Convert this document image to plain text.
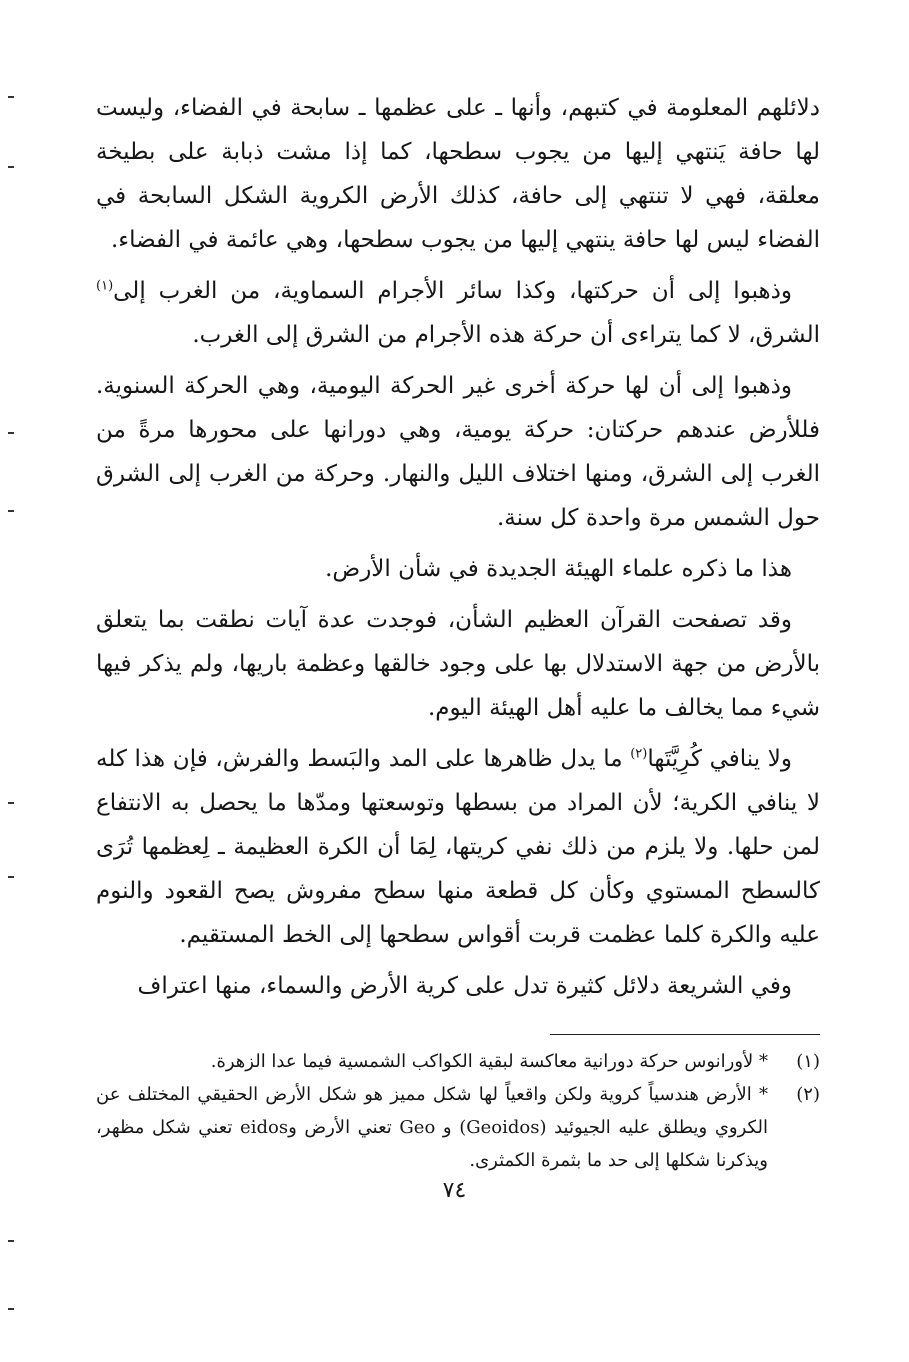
دلائلهم المعلومة في كتبهم، وأنها ـ على عظمها ـ سابحة في الفضاء، وليست لها حافة يَنتهي إليها من يجوب سطحها، كما إذا مشت ذبابة على بطيخة معلقة، فهي لا تنتهي إلى حافة، كذلك الأرض الكروية الشكل السابحة في الفضاء ليس لها حافة ينتهي إليها من يجوب سطحها، وهي عائمة في الفضاء.

وذهبوا إلى أن حركتها، وكذا سائر الأجرام السماوية، من الغرب إلى$^{(١)}$ الشرق، لا كما يتراءى أن حركة هذه الأجرام من الشرق إلى الغرب.

وذهبوا إلى أن لها حركة أخرى غير الحركة اليومية، وهي الحركة السنوية. فللأرض عندهم حركتان: حركة يومية، وهي دورانها على محورها مرةً من الغرب إلى الشرق، ومنها اختلاف الليل والنهار. وحركة من الغرب إلى الشرق حول الشمس مرة واحدة كل سنة.

هذا ما ذكره علماء الهيئة الجديدة في شأن الأرض.

وقد تصفحت القرآن العظيم الشأن، فوجدت عدة آيات نطقت بما يتعلق بالأرض من جهة الاستدلال بها على وجود خالقها وعظمة باريها، ولم يذكر فيها شيء مما يخالف ما عليه أهل الهيئة اليوم.

ولا ينافي كُرِيَّتَها$^{(٢)}$ ما يدل ظاهرها على المد والبَسط والفرش، فإن هذا كله لا ينافي الكرية؛ لأن المراد من بسطها وتوسعتها ومدّها ما يحصل به الانتفاع لمن حلها. ولا يلزم من ذلك نفي كريتها، لِمَا أن الكرة العظيمة ـ لِعظمها تُرَى كالسطح المستوي وكأن كل قطعة منها سطح مفروش يصح القعود والنوم عليه والكرة كلما عظمت قربت أقواس سطحها إلى الخط المستقيم.

وفي الشريعة دلائل كثيرة تدل على كرية الأرض والسماء، منها اعتراف

(١)
* لأورانوس حركة دورانية معاكسة لبقية الكواكب الشمسية فيما عدا الزهرة.
(٢)
* الأرض هندسياً كروية ولكن واقعياً لها شكل مميز هو شكل الأرض الحقيقي المختلف عن الكروي ويطلق عليه الجيوئيد (Geoidos) و Geo تعني الأرض وeidos تعني شكل مظهر، ويذكرنا شكلها إلى حد ما بثمرة الكمثرى.
٧٤
